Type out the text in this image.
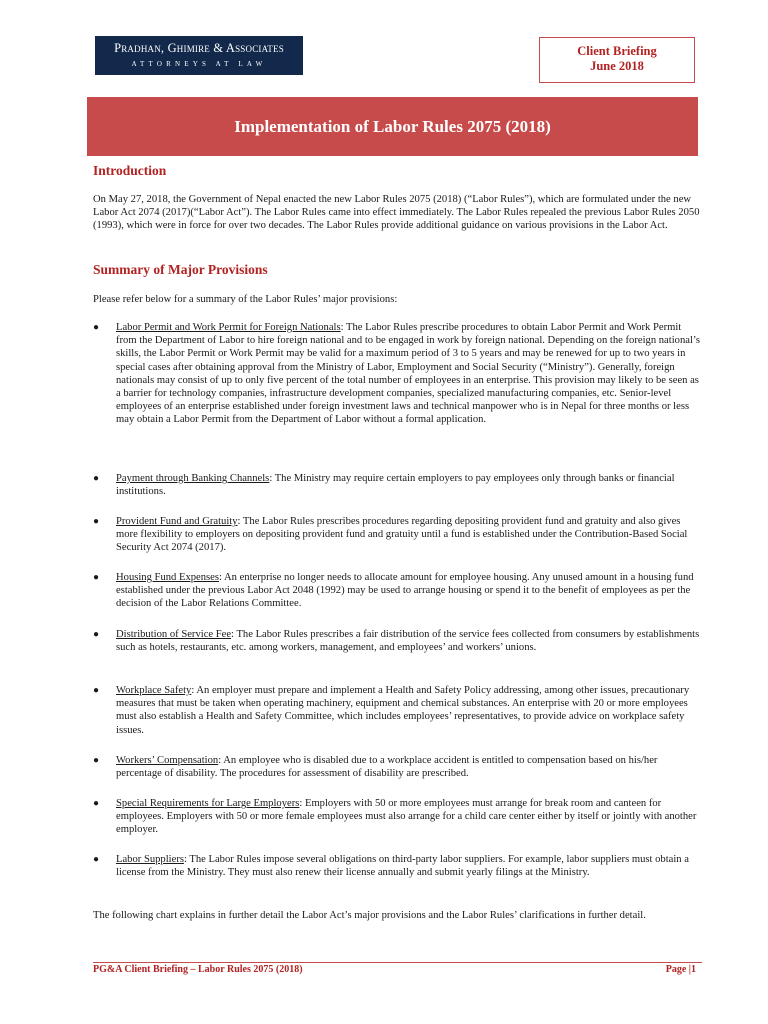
Pradhan, Ghimire & Associates
ATTORNEYS AT LAW
Client Briefing
June 2018
Implementation of Labor Rules 2075 (2018)
Introduction

On May 27, 2018, the Government of Nepal enacted the new Labor Rules 2075 (2018) (“Labor Rules”), which are formulated under the new Labor Act 2074 (2017)(“Labor Act”). The Labor Rules came into effect immediately. The Labor Rules repealed the previous Labor Rules 2050 (1993), which were in force for over two decades. The Labor Rules provide additional guidance on various provisions in the Labor Act.

Summary of Major Provisions

Please refer below for a summary of the Labor Rules’ major provisions:

● Labor Permit and Work Permit for Foreign Nationals: The Labor Rules prescribe procedures to obtain Labor Permit and Work Permit from the Department of Labor to hire foreign national and to be engaged in work by foreign national. Depending on the foreign national’s skills, the Labor Permit or Work Permit may be valid for a maximum period of 3 to 5 years and may be renewed for up to two years in special cases after obtaining approval from the Ministry of Labor, Employment and Social Security (“Ministry”). Generally, foreign nationals may consist of up to only five percent of the total number of employees in an enterprise. This provision may likely to be seen as a barrier for technology companies, infrastructure development companies, specialized manufacturing companies, etc. Senior-level employees of an enterprise established under foreign investment laws and technical manpower who is in Nepal for three months or less may obtain a Labor Permit from the Department of Labor without a formal application.
● Payment through Banking Channels: The Ministry may require certain employers to pay employees only through banks or financial institutions.
● Provident Fund and Gratuity: The Labor Rules prescribes procedures regarding depositing provident fund and gratuity and also gives more flexibility to employers on depositing provident fund and gratuity until a fund is established under the Contribution-Based Social Security Act 2074 (2017).
● Housing Fund Expenses: An enterprise no longer needs to allocate amount for employee housing. Any unused amount in a housing fund established under the previous Labor Act 2048 (1992) may be used to arrange housing or spend it to the benefit of employees as per the decision of the Labor Relations Committee.
● Distribution of Service Fee: The Labor Rules prescribes a fair distribution of the service fees collected from consumers by establishments such as hotels, restaurants, etc. among workers, management, and employees’ and workers’ unions.
● Workplace Safety: An employer must prepare and implement a Health and Safety Policy addressing, among other issues, precautionary measures that must be taken when operating machinery, equipment and chemical substances. An enterprise with 20 or more employees must also establish a Health and Safety Committee, which includes employees’ representatives, to provide advice on workplace safety issues.
● Workers’ Compensation: An employee who is disabled due to a workplace accident is entitled to compensation based on his/her percentage of disability. The procedures for assessment of disability are prescribed.
● Special Requirements for Large Employers: Employers with 50 or more employees must arrange for break room and canteen for employees. Employers with 50 or more female employees must also arrange for a child care center either by itself or jointly with another employer.
● Labor Suppliers: The Labor Rules impose several obligations on third-party labor suppliers. For example, labor suppliers must obtain a license from the Ministry. They must also renew their license annually and submit yearly filings at the Ministry.

The following chart explains in further detail the Labor Act’s major provisions and the Labor Rules’ clarifications in further detail.

PG&A Client Briefing – Labor Rules 2075 (2018)	Page |1
